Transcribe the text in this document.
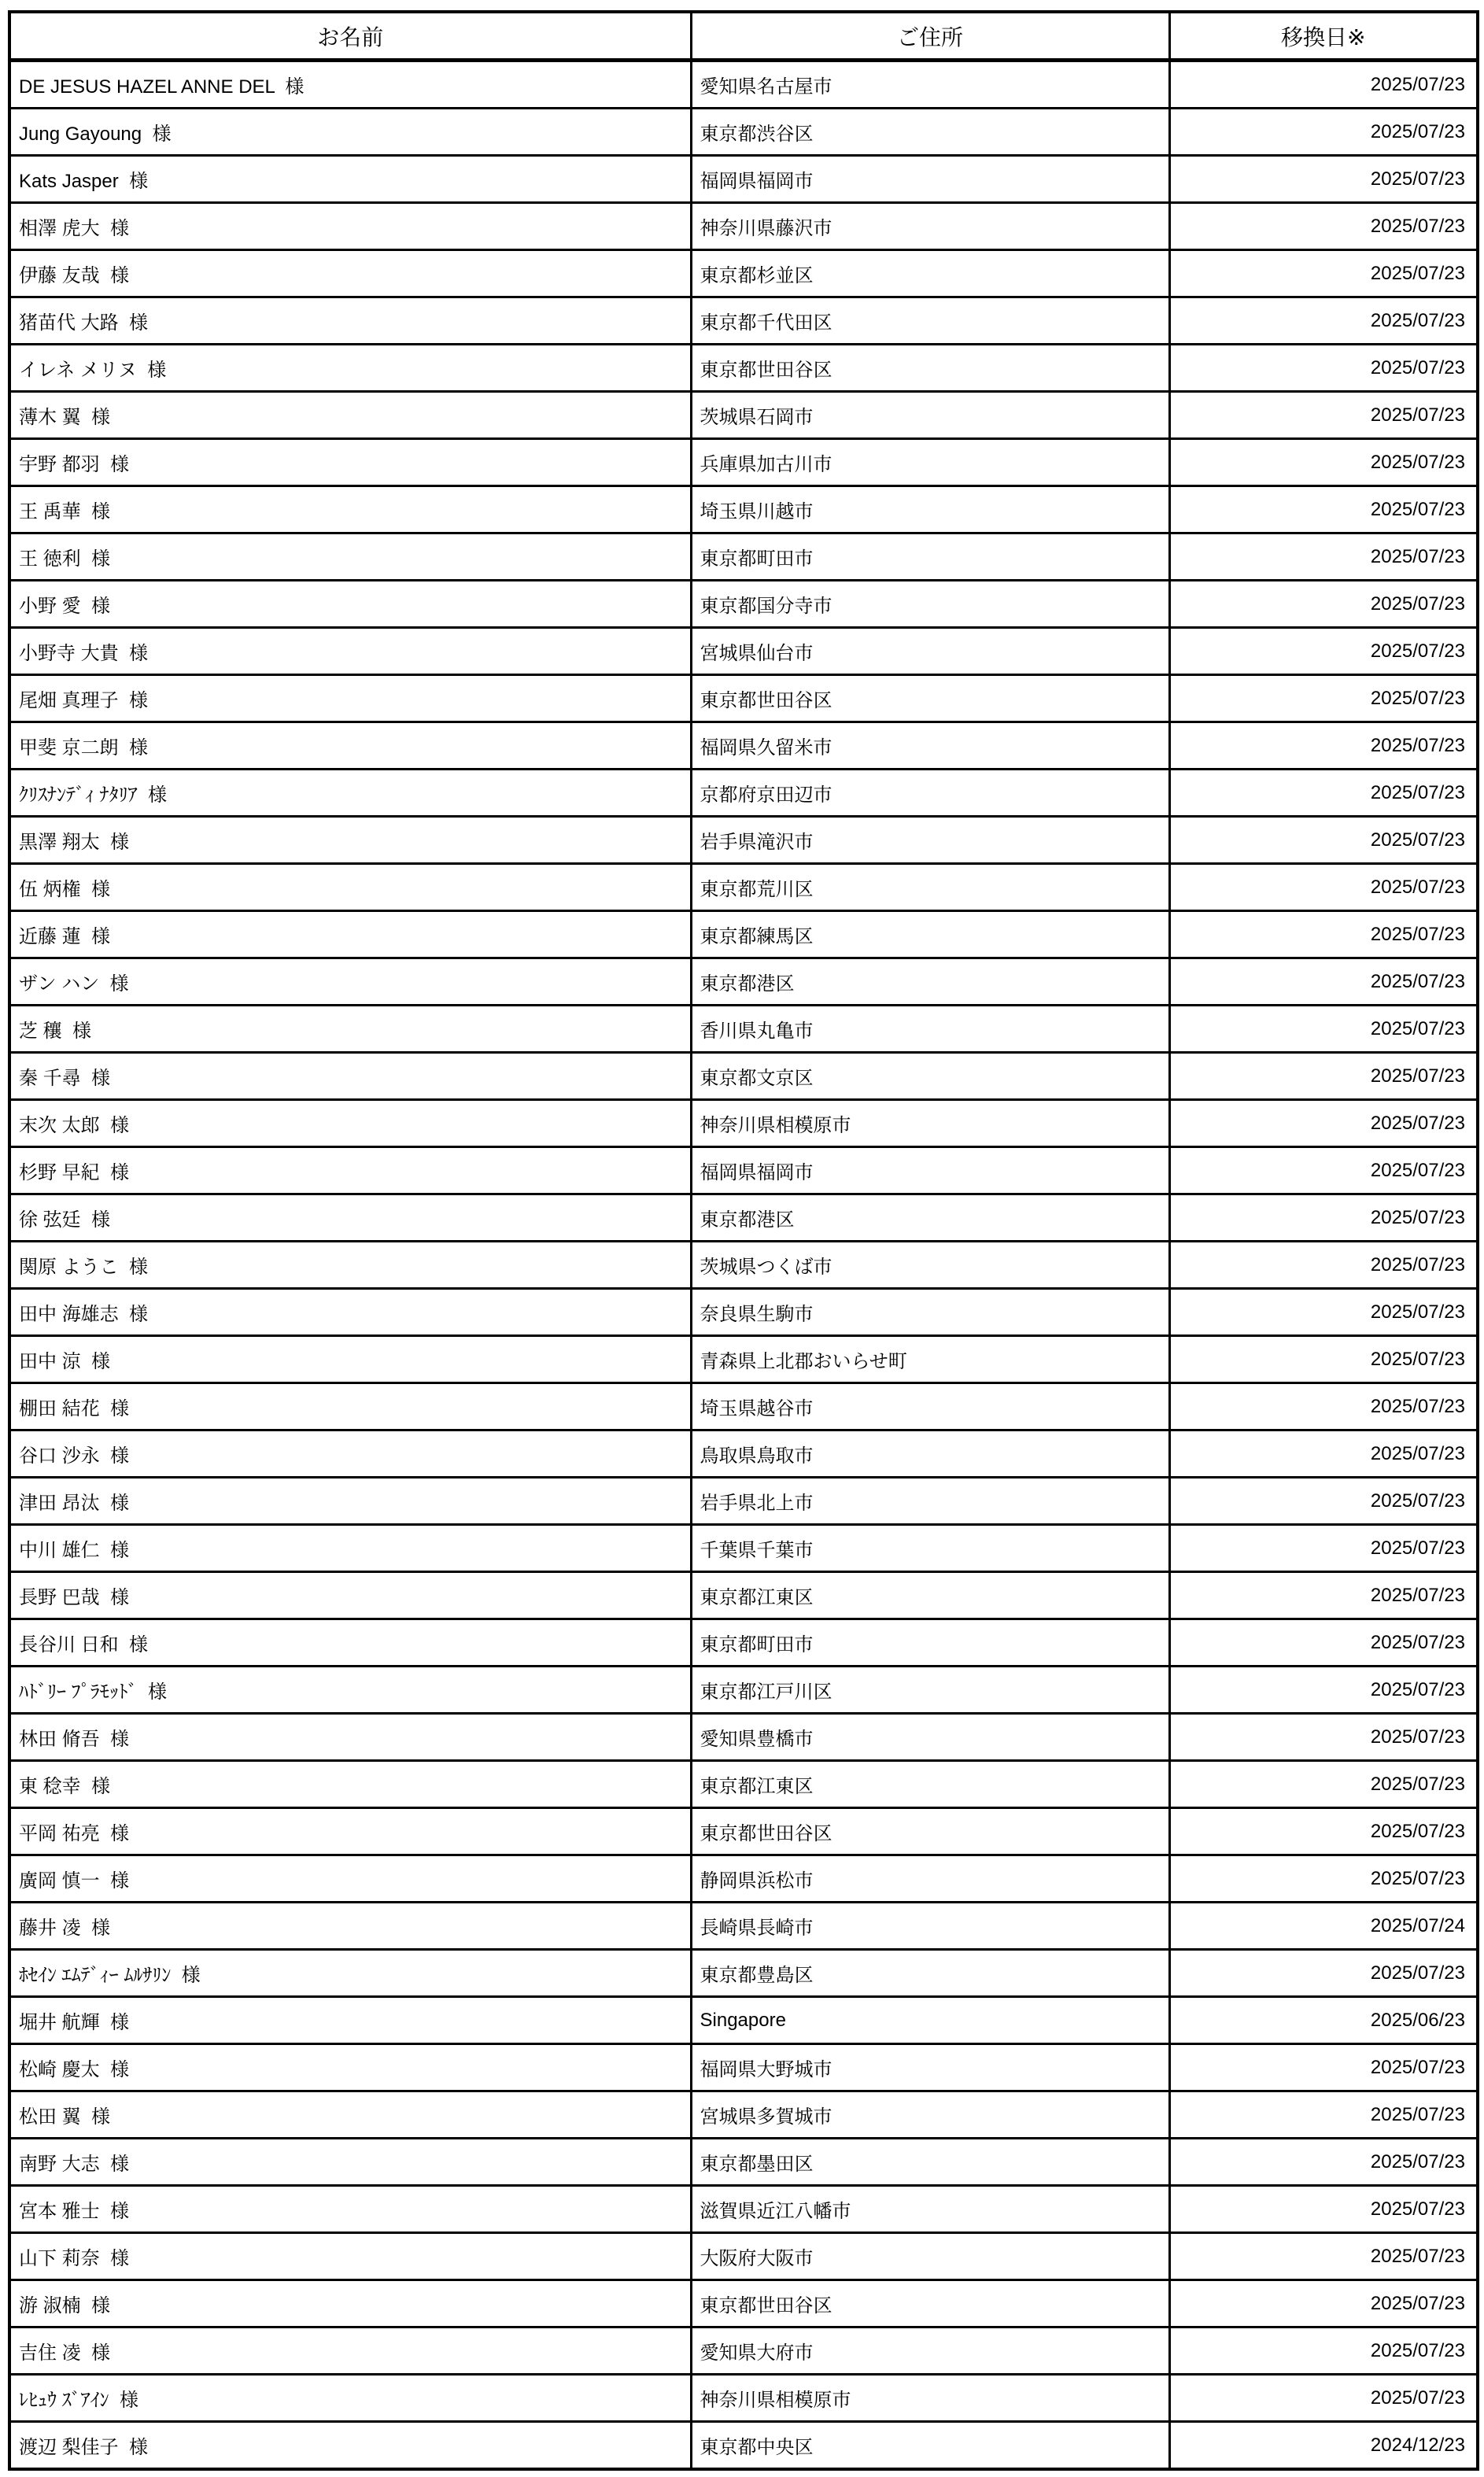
お名前	ご住所	移換日※
DE JESUS HAZEL ANNE DEL  様	愛知県名古屋市	2025/07/23
Jung Gayoung  様	東京都渋谷区	2025/07/23
Kats Jasper  様	福岡県福岡市	2025/07/23
相澤 虎大  様	神奈川県藤沢市	2025/07/23
伊藤 友哉  様	東京都杉並区	2025/07/23
猪苗代 大路  様	東京都千代田区	2025/07/23
イレネ メリヌ  様	東京都世田谷区	2025/07/23
薄木 翼  様	茨城県石岡市	2025/07/23
宇野 都羽  様	兵庫県加古川市	2025/07/23
王 禹華  様	埼玉県川越市	2025/07/23
王 徳利  様	東京都町田市	2025/07/23
小野 愛  様	東京都国分寺市	2025/07/23
小野寺 大貴  様	宮城県仙台市	2025/07/23
尾畑 真理子  様	東京都世田谷区	2025/07/23
甲斐 京二朗  様	福岡県久留米市	2025/07/23
ｸﾘｽﾅﾝﾃﾞｨ ﾅﾀﾘｱ  様	京都府京田辺市	2025/07/23
黒澤 翔太  様	岩手県滝沢市	2025/07/23
伍 炳権  様	東京都荒川区	2025/07/23
近藤 蓮  様	東京都練馬区	2025/07/23
ザン ハン  様	東京都港区	2025/07/23
芝 穰  様	香川県丸亀市	2025/07/23
秦 千尋  様	東京都文京区	2025/07/23
末次 太郎  様	神奈川県相模原市	2025/07/23
杉野 早紀  様	福岡県福岡市	2025/07/23
徐 弦廷  様	東京都港区	2025/07/23
関原 ようこ  様	茨城県つくば市	2025/07/23
田中 海雄志  様	奈良県生駒市	2025/07/23
田中 涼  様	青森県上北郡おいらせ町	2025/07/23
棚田 結花  様	埼玉県越谷市	2025/07/23
谷口 沙永  様	鳥取県鳥取市	2025/07/23
津田 昂汰  様	岩手県北上市	2025/07/23
中川 雄仁  様	千葉県千葉市	2025/07/23
長野 巴哉  様	東京都江東区	2025/07/23
長谷川 日和  様	東京都町田市	2025/07/23
ﾊﾄﾞﾘｰ ﾌﾟﾗﾓｯﾄﾞ  様	東京都江戸川区	2025/07/23
林田 脩吾  様	愛知県豊橋市	2025/07/23
東 稔幸  様	東京都江東区	2025/07/23
平岡 祐亮  様	東京都世田谷区	2025/07/23
廣岡 慎一  様	静岡県浜松市	2025/07/23
藤井 凌  様	長崎県長崎市	2025/07/24
ﾎｾｲﾝ ｴﾑﾃﾞｨｰ ﾑﾙｻﾘﾝ  様	東京都豊島区	2025/07/23
堀井 航輝  様	Singapore	2025/06/23
松崎 慶太  様	福岡県大野城市	2025/07/23
松田 翼  様	宮城県多賀城市	2025/07/23
南野 大志  様	東京都墨田区	2025/07/23
宮本 雅士  様	滋賀県近江八幡市	2025/07/23
山下 莉奈  様	大阪府大阪市	2025/07/23
游 淑楠  様	東京都世田谷区	2025/07/23
吉住 凌  様	愛知県大府市	2025/07/23
ﾚﾋｭｳ ｽﾞｱｲﾝ  様	神奈川県相模原市	2025/07/23
渡辺 梨佳子  様	東京都中央区	2024/12/23
